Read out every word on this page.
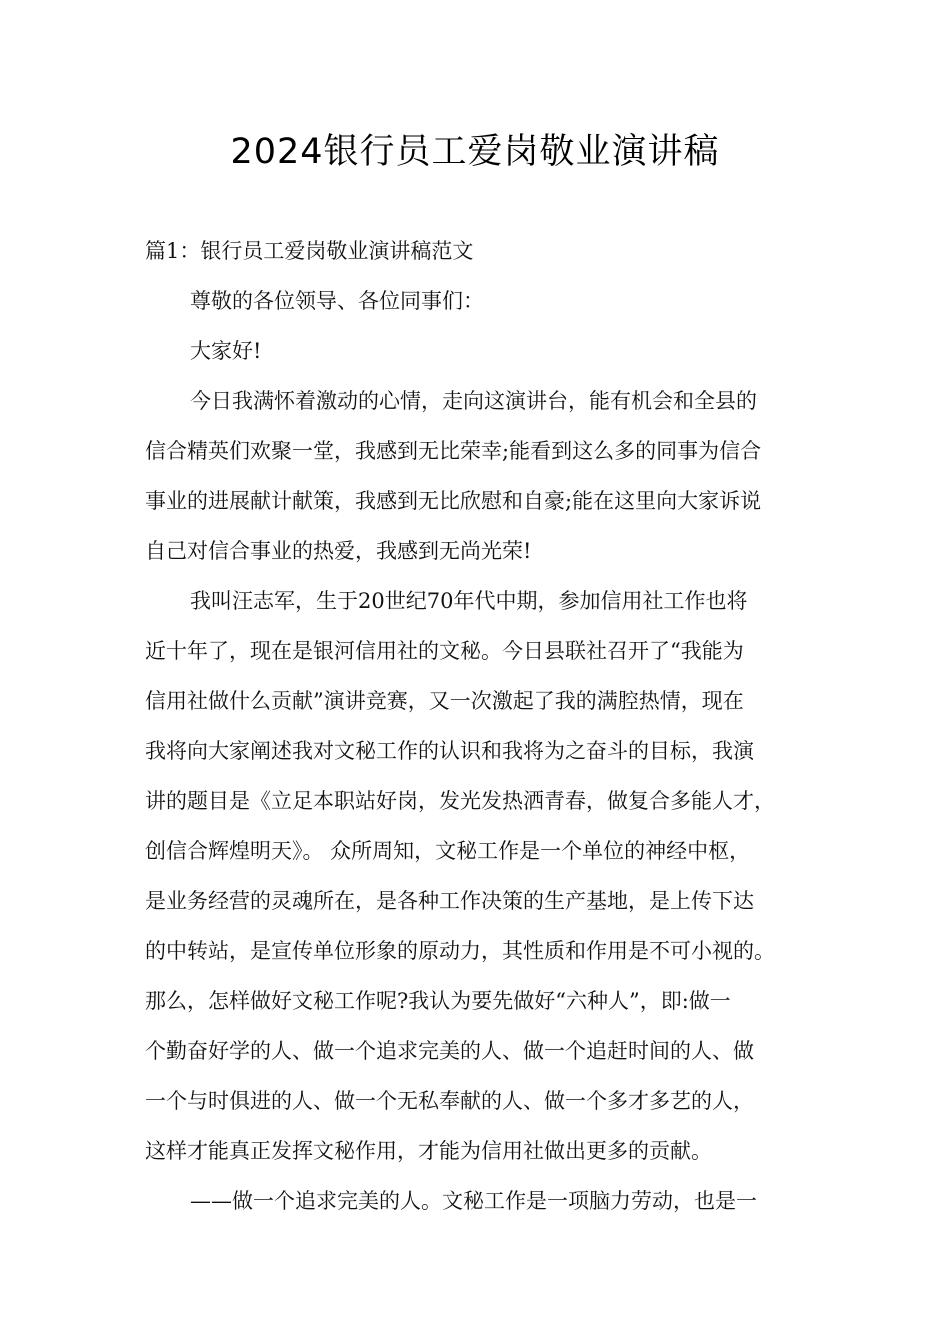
2024银行员工爱岗敬业演讲稿
篇1：银行员工爱岗敬业演讲稿范文
尊敬的各位领导、各位同事们：
大家好!
今日我满怀着激动的心情，走向这演讲台，能有机会和全县的
信合精英们欢聚一堂，我感到无比荣幸;能看到这么多的同事为信合
事业的进展献计献策，我感到无比欣慰和自豪;能在这里向大家诉说
自己对信合事业的热爱，我感到无尚光荣!
我叫汪志军，生于20世纪70年代中期，参加信用社工作也将
近十年了，现在是银河信用社的文秘。今日县联社召开了“我能为
信用社做什么贡献”演讲竞赛，又一次激起了我的满腔热情，现在
我将向大家阐述我对文秘工作的认识和我将为之奋斗的目标，我演
讲的题目是《立足本职站好岗，发光发热洒青春，做复合多能人才，
创信合辉煌明天》。 众所周知，文秘工作是一个单位的神经中枢，
是业务经营的灵魂所在，是各种工作决策的生产基地，是上传下达
的中转站，是宣传单位形象的原动力，其性质和作用是不可小视的。
那么，怎样做好文秘工作呢?我认为要先做好“六种人”，即:做一
个勤奋好学的人、做一个追求完美的人、做一个追赶时间的人、做
一个与时俱进的人、做一个无私奉献的人、做一个多才多艺的人，
这样才能真正发挥文秘作用，才能为信用社做出更多的贡献。
——做一个追求完美的人。文秘工作是一项脑力劳动，也是一
